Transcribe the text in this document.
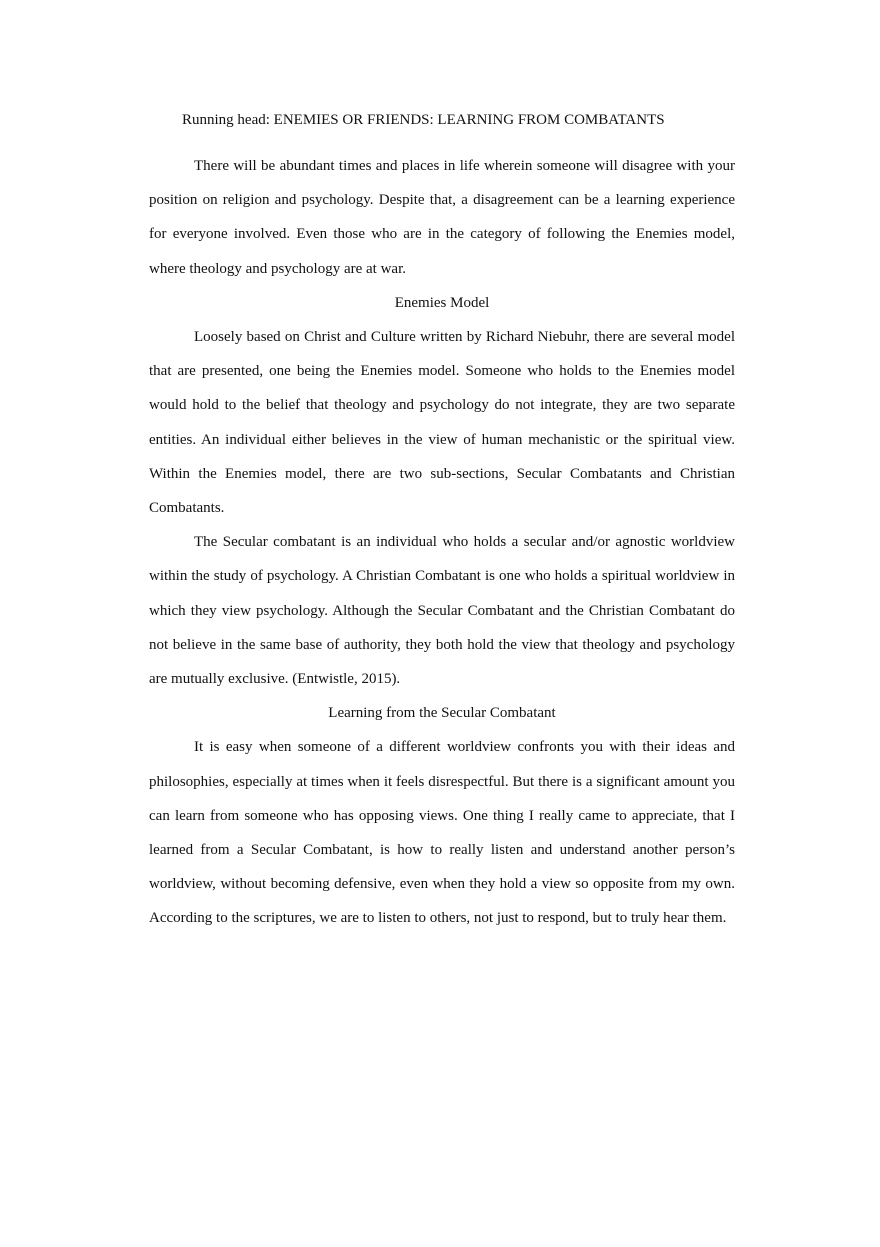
Running head: ENEMIES OR FRIENDS: LEARNING FROM COMBATANTS

There will be abundant times and places in life wherein someone will disagree with your position on religion and psychology. Despite that, a disagreement can be a learning experience for everyone involved. Even those who are in the category of following the Enemies model, where theology and psychology are at war.

Enemies Model

Loosely based on Christ and Culture written by Richard Niebuhr, there are several model that are presented, one being the Enemies model. Someone who holds to the Enemies model would hold to the belief that theology and psychology do not integrate, they are two separate entities. An individual either believes in the view of human mechanistic or the spiritual view. Within the Enemies model, there are two sub-sections, Secular Combatants and Christian Combatants.

The Secular combatant is an individual who holds a secular and/or agnostic worldview within the study of psychology. A Christian Combatant is one who holds a spiritual worldview in which they view psychology. Although the Secular Combatant and the Christian Combatant do not believe in the same base of authority, they both hold the view that theology and psychology are mutually exclusive. (Entwistle, 2015).

Learning from the Secular Combatant

It is easy when someone of a different worldview confronts you with their ideas and philosophies, especially at times when it feels disrespectful. But there is a significant amount you can learn from someone who has opposing views. One thing I really came to appreciate, that I learned from a Secular Combatant, is how to really listen and understand another person’s worldview, without becoming defensive, even when they hold a view so opposite from my own. According to the scriptures, we are to listen to others, not just to respond, but to truly hear them.
